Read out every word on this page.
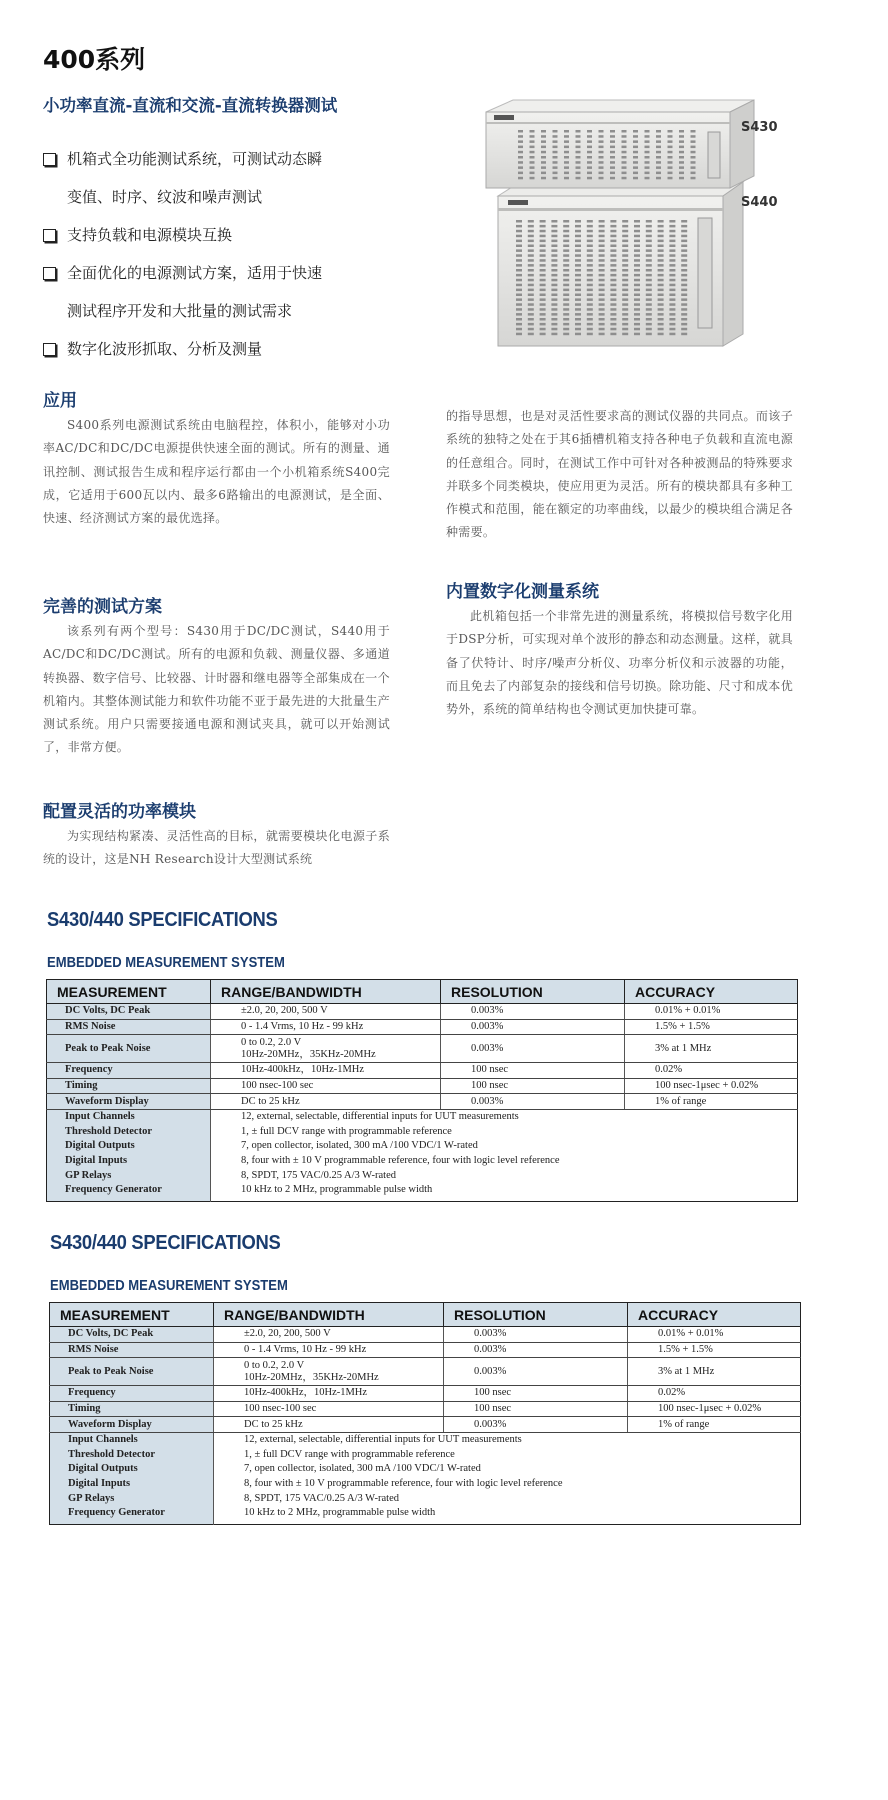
400系列
小功率直流-直流和交流-直流转换器测试
机箱式全功能测试系统，可测试动态瞬
变值、时序、纹波和噪声测试
支持负载和电源模块互换
全面优化的电源测试方案，适用于快速
测试程序开发和大批量的测试需求
数字化波形抓取、分析及测量
S430
S440
应用

S400系列电源测试系统由电脑程控，体积小，能够对小功率AC/DC和DC/DC电源提供快速全面的测试。所有的测量、通讯控制、测试报告生成和程序运行都由一个小机箱系统S400完成，它适用于600瓦以内、最多6路输出的电源测试，是全面、快速、经济测试方案的最优选择。

完善的测试方案

该系列有两个型号：S430用于DC/DC测试，S440用于AC/DC和DC/DC测试。所有的电源和负载、测量仪器、多通道转换器、数字信号、比较器、计时器和继电器等全部集成在一个机箱内。其整体测试能力和软件功能不亚于最先进的大批量生产测试系统。用户只需要接通电源和测试夹具，就可以开始测试了，非常方便。

配置灵活的功率模块

为实现结构紧凑、灵活性高的目标，就需要模块化电源子系统的设计，这是NH Research设计大型测试系统

的指导思想，也是对灵活性要求高的测试仪器的共同点。而该子系统的独特之处在于其6插槽机箱支持各种电子负载和直流电源的任意组合。同时，在测试工作中可针对各种被测品的特殊要求并联多个同类模块，使应用更为灵活。所有的模块都具有多种工作模式和范围，能在额定的功率曲线，以最少的模块组合满足各种需要。

内置数字化测量系统

此机箱包括一个非常先进的测量系统，将模拟信号数字化用于DSP分析，可实现对单个波形的静态和动态测量。这样，就具备了伏特计、时序/噪声分析仪、功率分析仪和示波器的功能，而且免去了内部复杂的接线和信号切换。除功能、尺寸和成本优势外，系统的简单结构也令测试更加快捷可靠。

S430/440 SPECIFICATIONS
EMBEDDED MEASUREMENT SYSTEM
MEASUREMENT	RANGE/BANDWIDTH	RESOLUTION	ACCURACY
DC Volts, DC Peak	±2.0, 20, 200, 500 V	0.003%	0.01% + 0.01%
RMS Noise	0 - 1.4 Vrms, 10 Hz - 99 kHz	0.003%	1.5% + 1.5%
Peak to Peak Noise	0 to 0.2, 2.0 V
10Hz-20MHz，35KHz-20MHz	0.003%	3% at 1 MHz
Frequency	10Hz-400kHz，10Hz-1MHz	100 nsec	0.02%
Timing	100 nsec-100 sec	100 nsec	100 nsec-1μsec + 0.02%
Waveform Display	DC to 25 kHz	0.003%	1% of range
Input Channels	12, external, selectable, differential inputs for UUT measurements		
Threshold Detector	1, ± full DCV range with programmable reference		
Digital Outputs	7, open collector, isolated, 300 mA /100 VDC/1 W-rated		
Digital Inputs	8, four with ± 10 V programmable reference, four with logic level reference		
GP Relays	8, SPDT, 175 VAC/0.25 A/3 W-rated		
Frequency Generator	10 kHz to 2 MHz, programmable pulse width		
S430/440 SPECIFICATIONS
EMBEDDED MEASUREMENT SYSTEM
MEASUREMENT	RANGE/BANDWIDTH	RESOLUTION	ACCURACY
DC Volts, DC Peak	±2.0, 20, 200, 500 V	0.003%	0.01% + 0.01%
RMS Noise	0 - 1.4 Vrms, 10 Hz - 99 kHz	0.003%	1.5% + 1.5%
Peak to Peak Noise	0 to 0.2, 2.0 V
10Hz-20MHz，35KHz-20MHz	0.003%	3% at 1 MHz
Frequency	10Hz-400kHz，10Hz-1MHz	100 nsec	0.02%
Timing	100 nsec-100 sec	100 nsec	100 nsec-1μsec + 0.02%
Waveform Display	DC to 25 kHz	0.003%	1% of range
Input Channels	12, external, selectable, differential inputs for UUT measurements		
Threshold Detector	1, ± full DCV range with programmable reference		
Digital Outputs	7, open collector, isolated, 300 mA /100 VDC/1 W-rated		
Digital Inputs	8, four with ± 10 V programmable reference, four with logic level reference		
GP Relays	8, SPDT, 175 VAC/0.25 A/3 W-rated		
Frequency Generator	10 kHz to 2 MHz, programmable pulse width		
